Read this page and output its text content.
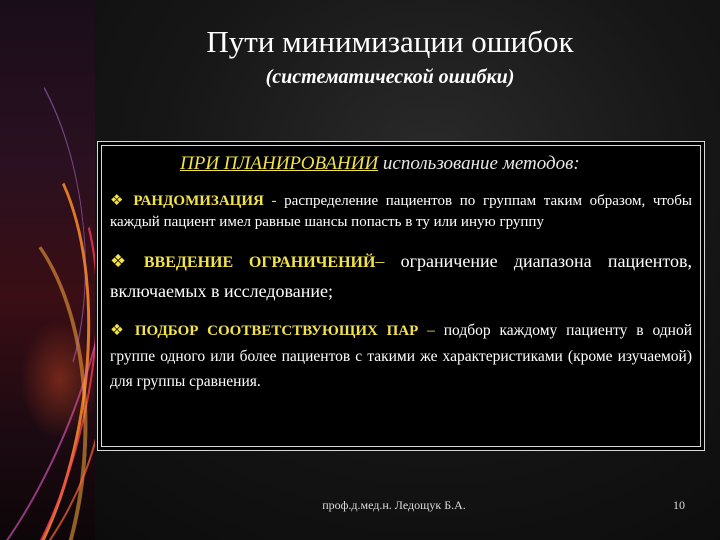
Пути минимизации ошибок
(систематической ошибки)

ПРИ ПЛАНИРОВАНИИ использование методов:

❖ РАНДОМИЗАЦИЯ - распределение пациентов по группам таким образом, чтобы каждый пациент имел равные шансы попасть в ту или иную группу

❖ ВВЕДЕНИЕ ОГРАНИЧЕНИЙ– ограничение диапазона пациентов, включаемых в исследование;

❖ ПОДБОР СООТВЕТСТВУЮЩИХ ПАР – подбор каждому пациенту в одной группе одного или более пациентов с такими же характеристиками (кроме изучаемой) для группы сравнения.

проф.д.мед.н. Ледощук Б.А.	10
